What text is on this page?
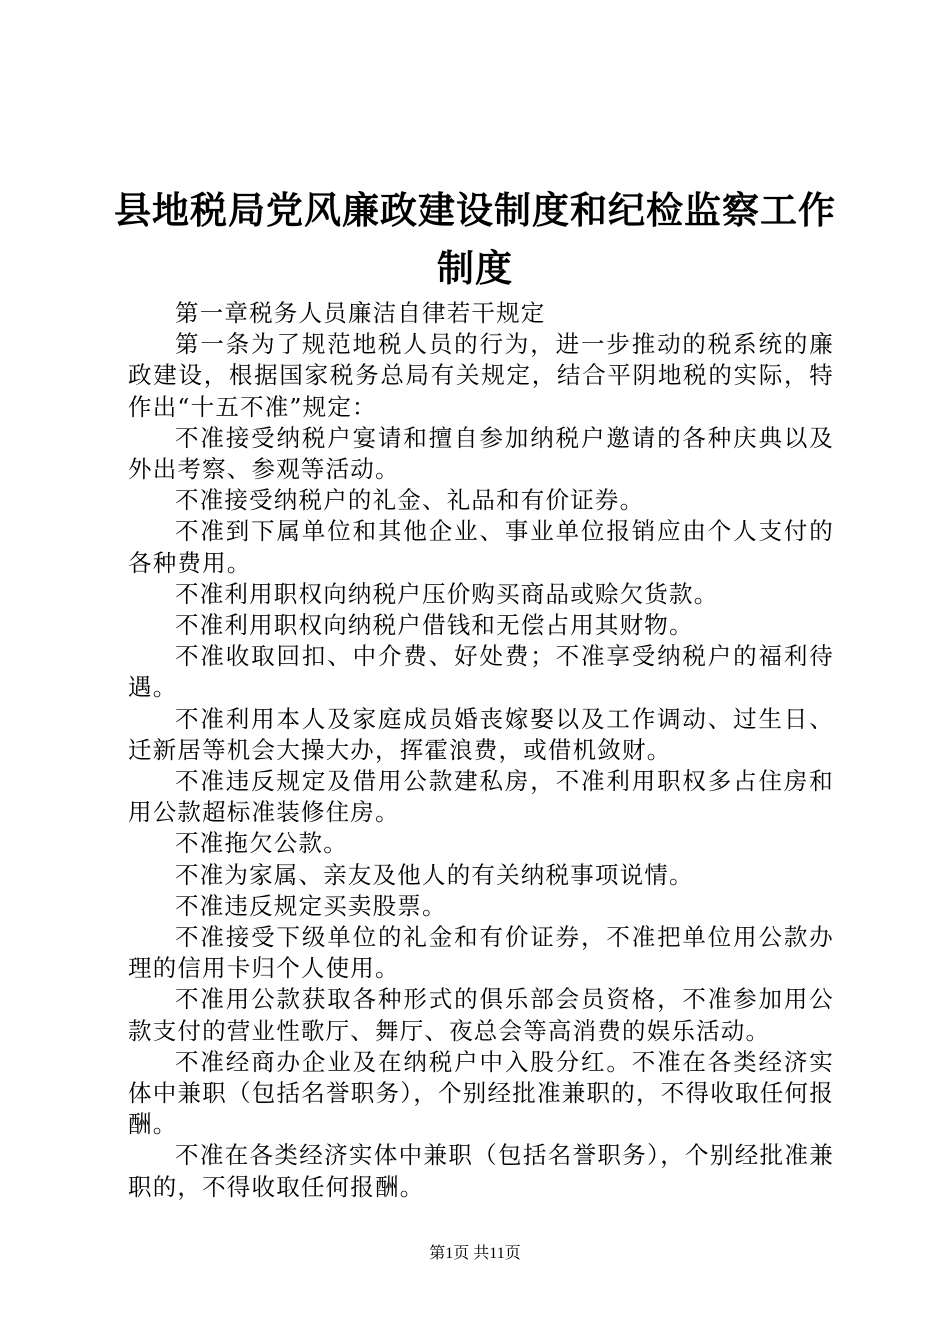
县地税局党风廉政建设制度和纪检监察工作制度

第一章税务人员廉洁自律若干规定

第一条为了规范地税人员的行为，进一步推动的税系统的廉政建设，根据国家税务总局有关规定，结合平阴地税的实际，特作出“十五不准”规定：

不准接受纳税户宴请和擅自参加纳税户邀请的各种庆典以及外出考察、参观等活动。

不准接受纳税户的礼金、礼品和有价证券。

不准到下属单位和其他企业、事业单位报销应由个人支付的各种费用。

不准利用职权向纳税户压价购买商品或赊欠货款。

不准利用职权向纳税户借钱和无偿占用其财物。

不准收取回扣、中介费、好处费；不准享受纳税户的福利待遇。

不准利用本人及家庭成员婚丧嫁娶以及工作调动、过生日、迁新居等机会大操大办，挥霍浪费，或借机敛财。

不准违反规定及借用公款建私房，不准利用职权多占住房和用公款超标准装修住房。

不准拖欠公款。

不准为家属、亲友及他人的有关纳税事项说情。

不准违反规定买卖股票。

不准接受下级单位的礼金和有价证券，不准把单位用公款办理的信用卡归个人使用。

不准用公款获取各种形式的俱乐部会员资格，不准参加用公款支付的营业性歌厅、舞厅、夜总会等高消费的娱乐活动。

不准经商办企业及在纳税户中入股分红。不准在各类经济实体中兼职（包括名誉职务），个别经批准兼职的，不得收取任何报酬。

不准在各类经济实体中兼职（包括名誉职务），个别经批准兼职的，不得收取任何报酬。

第1页 共11页
